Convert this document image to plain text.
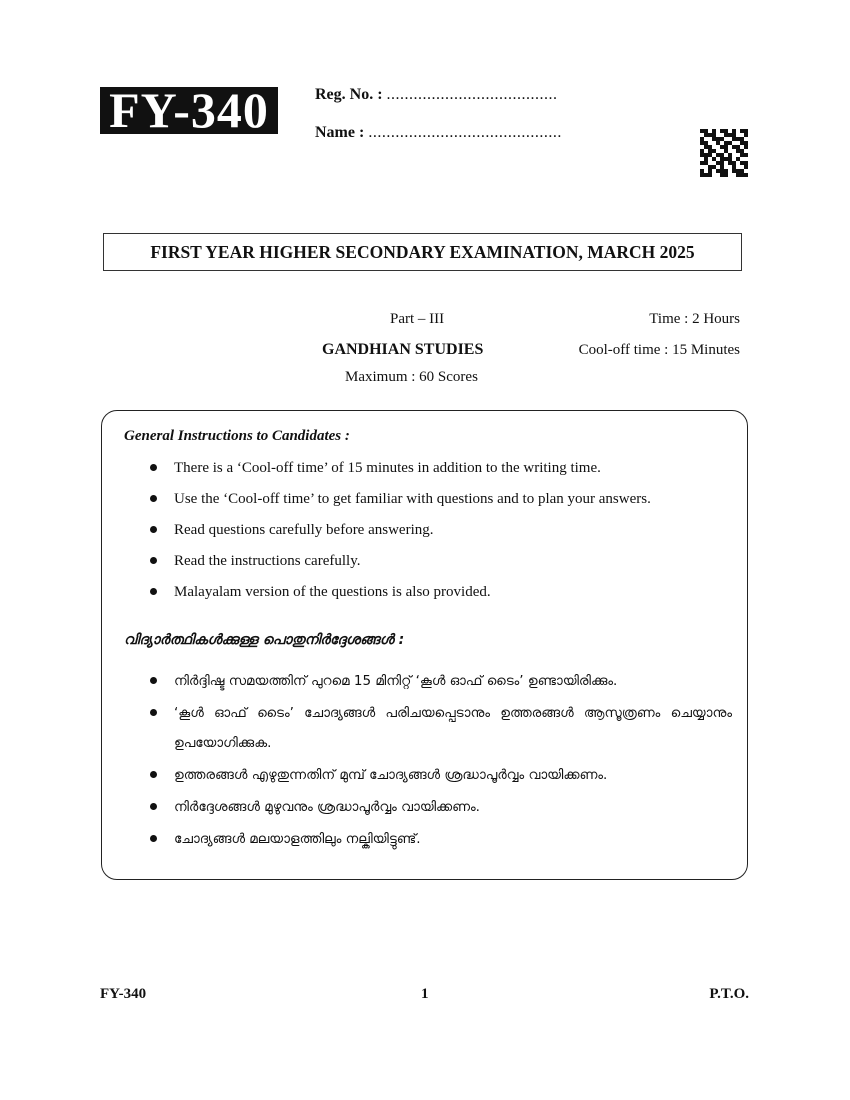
FY-340	Reg. No. : ......................................
Name : ...........................................
FIRST YEAR HIGHER SECONDARY EXAMINATION, MARCH 2025
Part – III	Time : 2 Hours
GANDHIAN STUDIES	Cool-off time : 15 Minutes
Maximum : 60 Scores
General Instructions to Candidates :
There is a ‘Cool-off time’ of 15 minutes in addition to the writing time.
Use the ‘Cool-off time’ to get familiar with questions and to plan your answers.
Read questions carefully before answering.
Read the instructions carefully.
Malayalam version of the questions is also provided.
വിദ്യാർത്ഥികൾക്കുള്ള പൊതുനിർദ്ദേശങ്ങൾ :
നിർദ്ദിഷ്ട സമയത്തിന് പുറമെ 15 മിനിറ്റ് ‘കൂൾ ഓഫ് ടൈം’ ഉണ്ടായിരിക്കും.
‘കൂൾ ഓഫ് ടൈം’ ചോദ്യങ്ങൾ പരിചയപ്പെടാനും ഉത്തരങ്ങൾ ആസൂത്രണം ചെയ്യാനും ഉപയോഗിക്കുക.
ഉത്തരങ്ങൾ എഴുതുന്നതിന് മുമ്പ് ചോദ്യങ്ങൾ ശ്രദ്ധാപൂർവ്വം വായിക്കണം.
നിർദ്ദേശങ്ങൾ മുഴുവനും ശ്രദ്ധാപൂർവ്വം വായിക്കണം.
ചോദ്യങ്ങൾ മലയാളത്തിലും നല്കിയിട്ടുണ്ട്.
FY-340	1	P.T.O.
